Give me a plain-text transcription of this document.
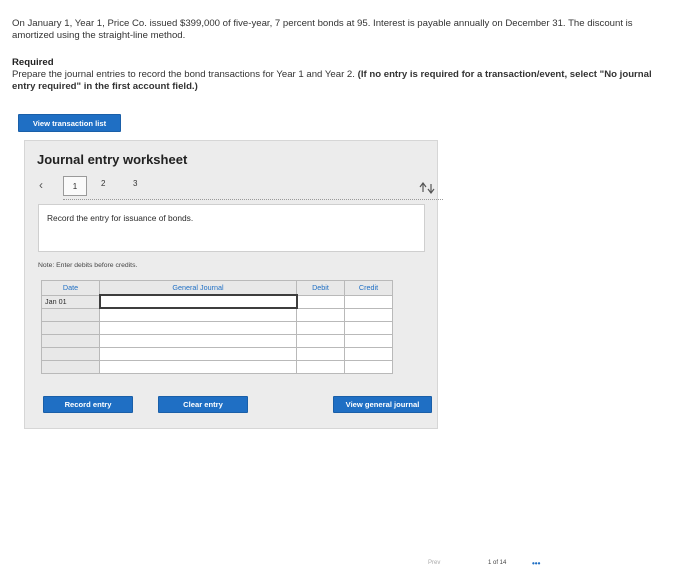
On January 1, Year 1, Price Co. issued $399,000 of five-year, 7 percent bonds at 95. Interest is payable annually on December 31. The discount is amortized using the straight-line method.
Required
Prepare the journal entries to record the bond transactions for Year 1 and Year 2. (If no entry is required for a transaction/event, select "No journal entry required" in the first account field.)
View transaction list
Journal entry worksheet
‹	1	2	3
Record the entry for issuance of bonds.
Note: Enter debits before credits.
Date	General Journal	Debit	Credit
Jan 01			

Record entry	Clear entry	View general journal
Prev	1 of 14	•••
